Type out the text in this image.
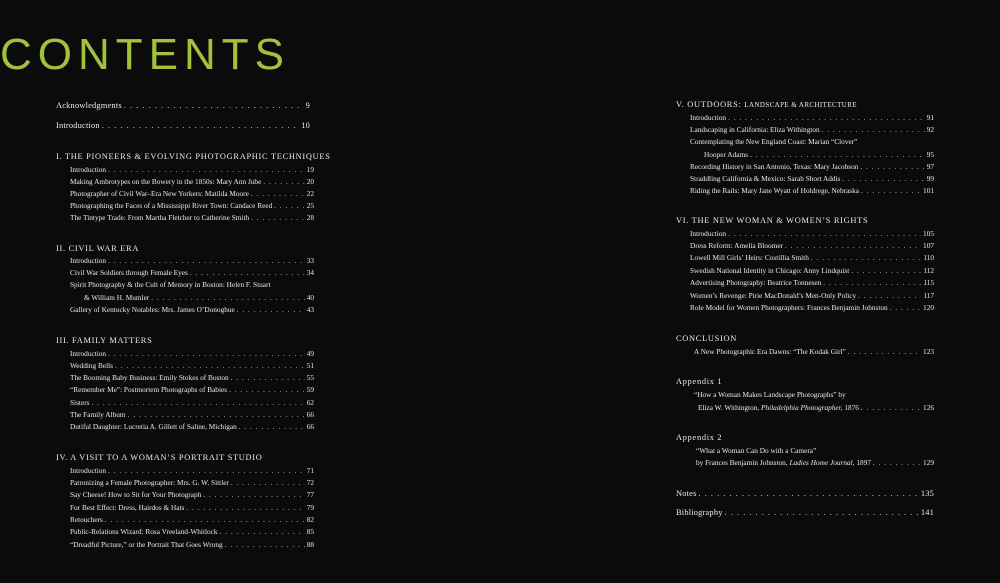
CONTENTS
Acknowledgments . . .	9
Introduction . . .	10
I. THE PIONEERS & EVOLVING PHOTOGRAPHIC TECHNIQUES
Introduction . . .	19
Making Ambrotypes on the Bowery in the 1850s: Mary Ann Jube . . .	20
Photographer of Civil War–Era New Yorkers: Matilda Moore . . .	22
Photographing the Faces of a Mississippi River Town: Candace Reed . . .	25
The Tintype Trade: From Martha Fletcher to Catherine Smith . . .	28
II. CIVIL WAR ERA
Introduction . . .	33
Civil War Soldiers through Female Eyes . . .	34
Spirit Photography & the Cult of Memory in Boston: Helen F. Stuart
& William H. Mumler . . .	40
Gallery of Kentucky Notables: Mrs. James O’Donoghue . . .	43
III. FAMILY MATTERS
Introduction . . .	49
Wedding Bells . . .	51
The Booming Baby Business: Emily Stokes of Boston . . .	55
“Remember Me”: Postmortem Photographs of Babies . . .	59
Sisters . . .	62
The Family Album . . .	66
Dutiful Daughter: Lucretia A. Gillett of Saline, Michigan . . .	66
IV. A VISIT TO A WOMAN’S PORTRAIT STUDIO
Introduction . . .	71
Patronizing a Female Photographer: Mrs. G. W. Sittler . . .	72
Say Cheese! How to Sit for Your Photograph . . .	77
For Best Effect: Dress, Hairdos & Hats . . .	79
Retouchers . . .	82
Public-Relations Wizard: Rosa Vreeland-Whitlock . . .	85
“Dreadful Picture,” or the Portrait That Goes Wrong . . .	88
V. OUTDOORS: LANDSCAPE & ARCHITECTURE
Introduction . . .	91
Landscaping in California: Eliza Withington . . .	92
Contemplating the New England Coast: Marian “Clover”
Hooper Adams . . .	95
Recording History in San Antonio, Texas: Mary Jacobson . . .	97
Straddling California & Mexico: Sarah Short Addis . . .	99
Riding the Rails: Mary Jane Wyatt of Holdrege, Nebraska . . .	101
VI. THE NEW WOMAN & WOMEN’S RIGHTS
Introduction . . .	105
Dress Reform: Amelia Bloomer . . .	107
Lowell Mill Girls’ Heirs: Costillia Smith . . .	110
Swedish National Identity in Chicago: Anny Lindquist . . .	112
Advertising Photography: Beatrice Tonnesen . . .	115
Women’s Revenge: Pirie MacDonald’s Men-Only Policy . . .	117
Role Model for Women Photographers: Frances Benjamin Johnston . . .	120
CONCLUSION
A New Photographic Era Dawns: “The Kodak Girl” . . .	123
Appendix 1
“How a Woman Makes Landscape Photographs” by
Eliza W. Withington, Philadelphia Photographer, 1876 . . .	126
Appendix 2
“What a Woman Can Do with a Camera”
by Frances Benjamin Johnston, Ladies Home Journal, 1897 . . .	129
Notes . . .	135
Bibliography . . .	141
